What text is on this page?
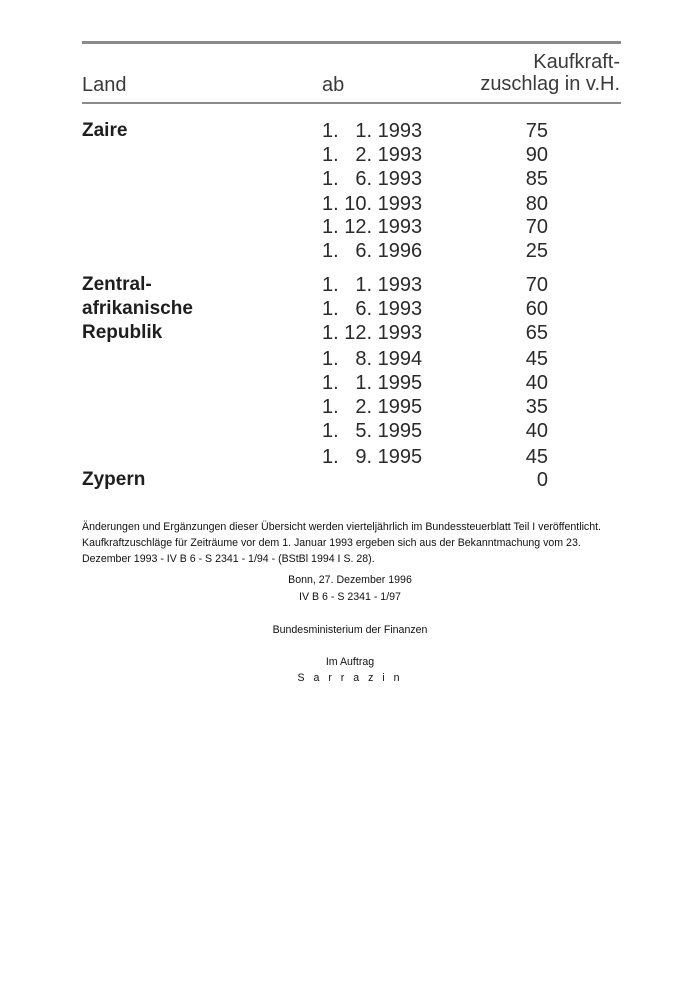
Land	ab
Kaufkraft-
zuschlag in v.H.
Zaire	1.   1. 1993	75
1.   2. 1993	90
1.   6. 1993	85
1. 10. 1993	80
1. 12. 1993	70
1.   6. 1996	25
Zentral-
afrikanische
Republik
1.   1. 1993	70
1.   6. 1993	60
1. 12. 1993	65
1.   8. 1994	45
1.   1. 1995	40
1.   2. 1995	35
1.   5. 1995	40
1.   9. 1995	45
Zypern	0
Änderungen und Ergänzungen dieser Übersicht werden vierteljährlich im Bundessteuerblatt Teil I veröffentlicht. Kaufkraftzuschläge für Zeiträume vor dem 1. Januar 1993 ergeben sich aus der Bekanntmachung vom 23. Dezember 1993 - IV B 6 - S 2341 - 1/94 - (BStBl 1994 I S. 28).
Bonn, 27. Dezember 1996
IV B 6 - S 2341 - 1/97
Bundesministerium der Finanzen
Im Auftrag
S a r r a z i n
